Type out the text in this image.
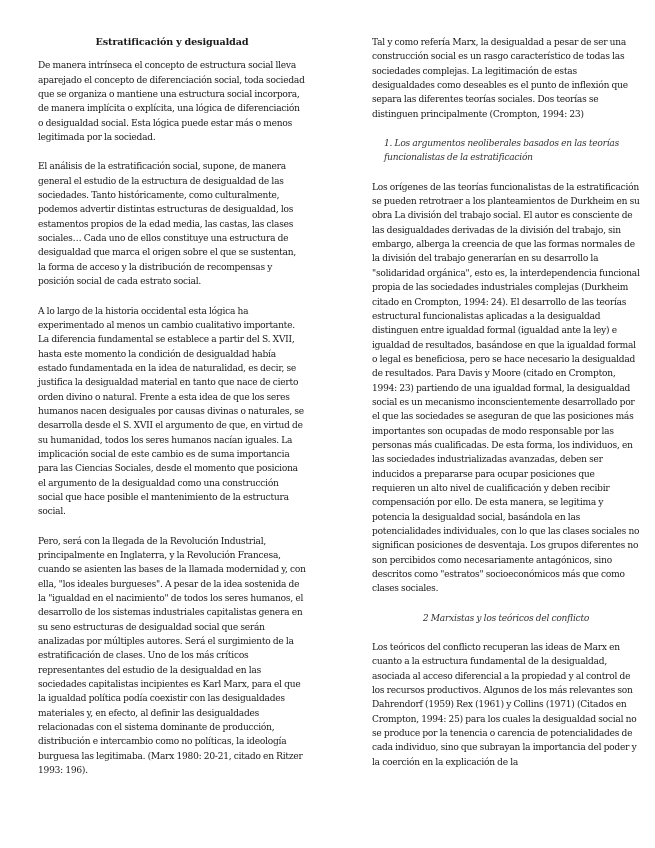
Estratificación y desigualdad

De manera intrínseca el concepto de estructura social lleva aparejado el concepto de diferenciación social, toda sociedad que se organiza o mantiene una estructura social incorpora, de manera implícita o explícita, una lógica de diferenciación o desigualdad social. Esta lógica puede estar más o menos legitimada por la sociedad.

El análisis de la estratificación social, supone, de manera general el estudio de la estructura de desigualdad de las sociedades. Tanto históricamente, como culturalmente, podemos advertir distintas estructuras de desigualdad, los estamentos propios de la edad media, las castas, las clases sociales… Cada uno de ellos constituye una estructura de desigualdad que marca el origen sobre el que se sustentan, la forma de acceso y la distribución de recompensas y posición social de cada estrato social.

A lo largo de la historia occidental esta lógica ha experimentado al menos un cambio cualitativo importante. La diferencia fundamental se establece a partir del S. XVII, hasta este momento la condición de desigualdad había estado fundamentada en la idea de naturalidad, es decir, se justifica la desigualdad material en tanto que nace de cierto orden divino o natural. Frente a esta idea de que los seres humanos nacen desiguales por causas divinas o naturales, se desarrolla desde el S. XVII el argumento de que, en virtud de su humanidad, todos los seres humanos nacían iguales. La implicación social de este cambio es de suma importancia para las Ciencias Sociales, desde el momento que posiciona el argumento de la desigualdad como una construcción social que hace posible el mantenimiento de la estructura social.

Pero, será con la llegada de la Revolución Industrial, principalmente en Inglaterra, y la Revolución Francesa, cuando se asienten las bases de la llamada modernidad y, con ella, "los ideales burgueses". A pesar de la idea sostenida de la "igualdad en el nacimiento" de todos los seres humanos, el desarrollo de los sistemas industriales capitalistas genera en su seno estructuras de desigualdad social que serán analizadas por múltiples autores. Será el surgimiento de la estratificación de clases. Uno de los más críticos representantes del estudio de la desigualdad en las sociedades capitalistas incipientes es Karl Marx, para el que la igualdad política podía coexistir con las desigualdades materiales y, en efecto, al definir las desigualdades relacionadas con el sistema dominante de producción, distribución e intercambio como no políticas, la ideología burguesa las legitimaba. (Marx 1980: 20-21, citado en Ritzer 1993: 196).

Tal y como refería Marx, la desigualdad a pesar de ser una construcción social es un rasgo característico de todas las sociedades complejas. La legitimación de estas desigualdades como deseables es el punto de inflexión que separa las diferentes teorías sociales. Dos teorías se distinguen principalmente (Crompton, 1994: 23)

1. Los argumentos neoliberales basados en las teorías funcionalistas de la estratificación

Los orígenes de las teorías funcionalistas de la estratificación se pueden retrotraer a los planteamientos de Durkheim en su obra La división del trabajo social. El autor es consciente de las desigualdades derivadas de la división del trabajo, sin embargo, alberga la creencia de que las formas normales de la división del trabajo generarían en su desarrollo la "solidaridad orgánica", esto es, la interdependencia funcional propia de las sociedades industriales complejas (Durkheim citado en Crompton, 1994: 24). El desarrollo de las teorías estructural funcionalistas aplicadas a la desigualdad distinguen entre igualdad formal (igualdad ante la ley) e igualdad de resultados, basándose en que la igualdad formal o legal es beneficiosa, pero se hace necesario la desigualdad de resultados. Para Davis y Moore (citado en Crompton, 1994: 23) partiendo de una igualdad formal, la desigualdad social es un mecanismo inconscientemente desarrollado por el que las sociedades se aseguran de que las posiciones más importantes son ocupadas de modo responsable por las personas más cualificadas. De esta forma, los individuos, en las sociedades industrializadas avanzadas, deben ser inducidos a prepararse para ocupar posiciones que requieren un alto nivel de cualificación y deben recibir compensación por ello. De esta manera, se legitima y potencia la desigualdad social, basándola en las potencialidades individuales, con lo que las clases sociales no significan posiciones de desventaja. Los grupos diferentes no son percibidos como necesariamente antagónicos, sino descritos como "estratos" socioeconómicos más que como clases sociales.

2 Marxistas y los teóricos del conflicto

Los teóricos del conflicto recuperan las ideas de Marx en cuanto a la estructura fundamental de la desigualdad, asociada al acceso diferencial a la propiedad y al control de los recursos productivos. Algunos de los más relevantes son Dahrendorf (1959) Rex (1961) y Collins (1971) (Citados en Crompton, 1994: 25) para los cuales la desigualdad social no se produce por la tenencia o carencia de potencialidades de cada individuo, sino que subrayan la importancia del poder y la coerción en la explicación de la
